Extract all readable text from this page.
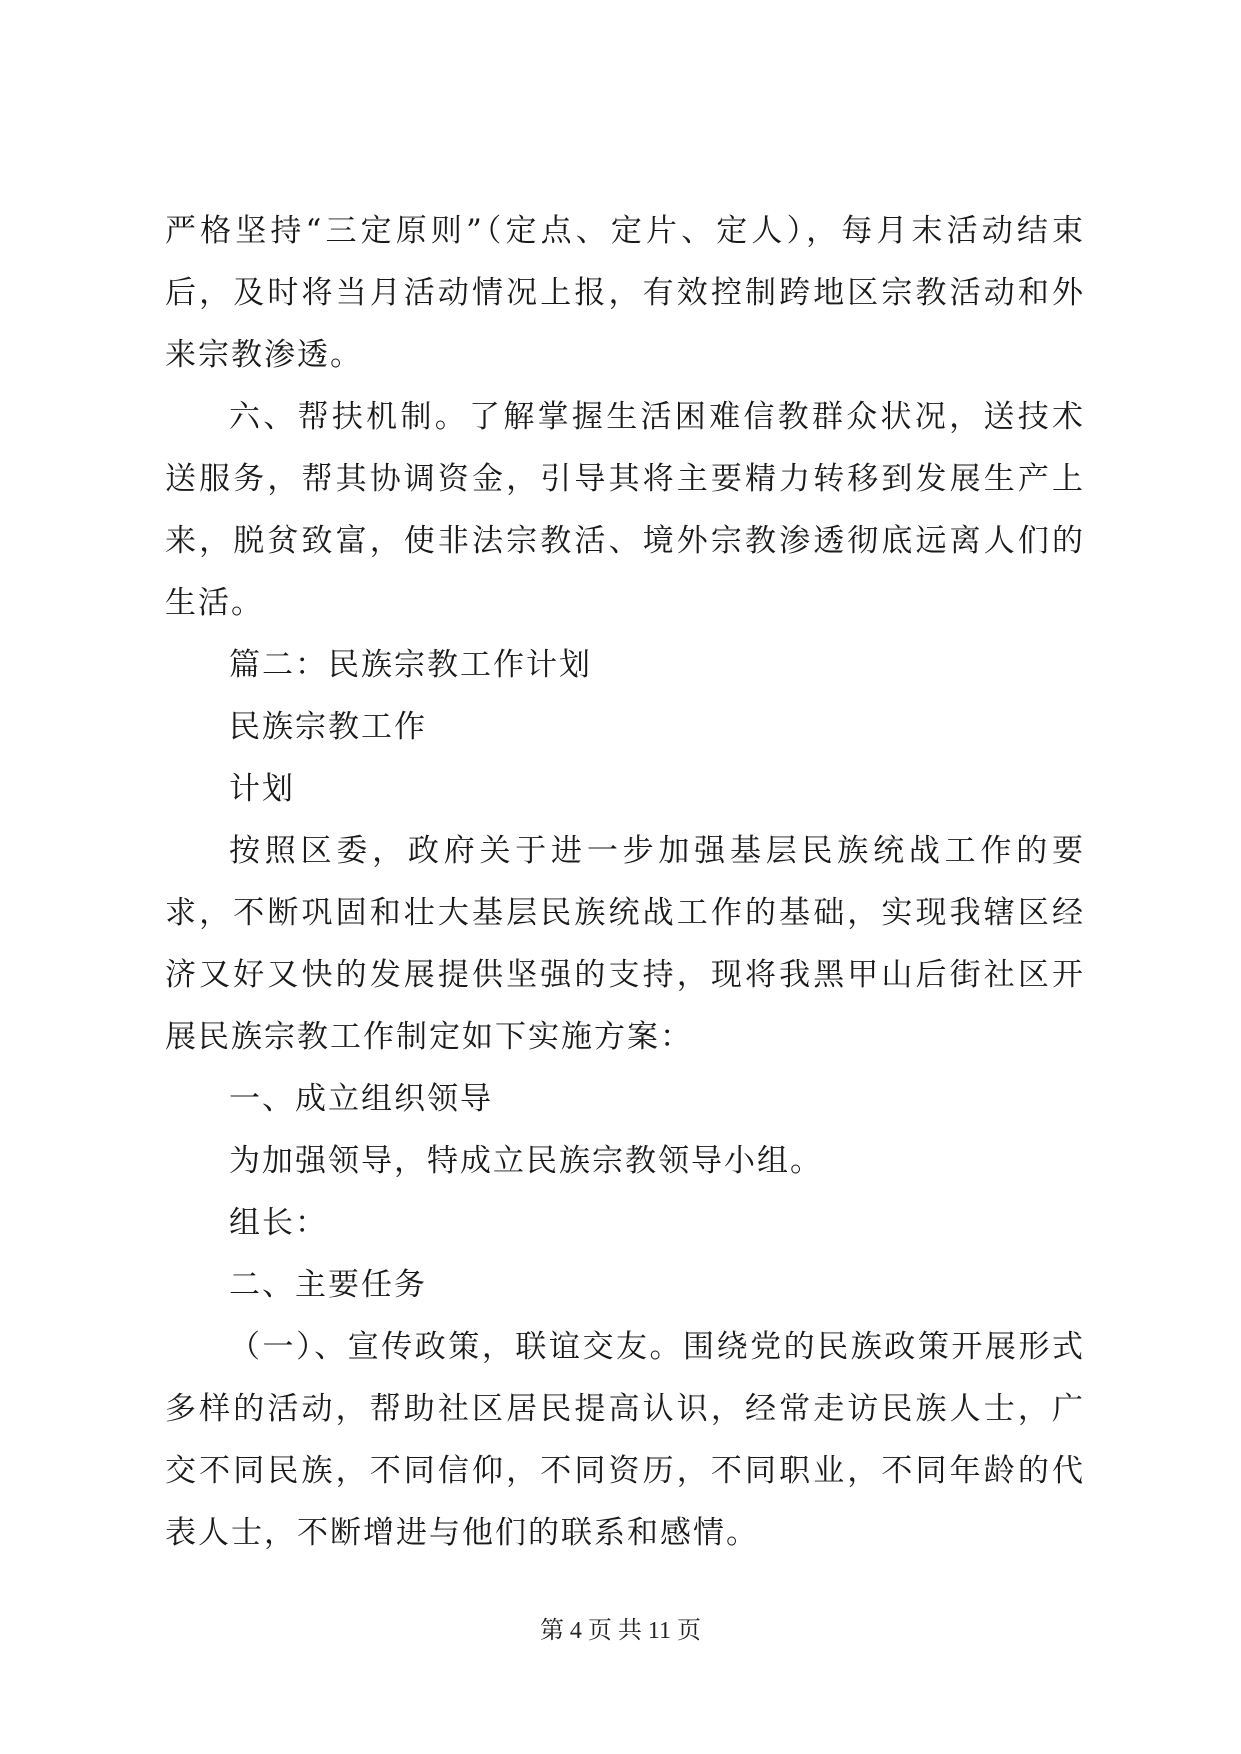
严格坚持“三定原则”（定点、定片、定人），每月末活动结束后，及时将当月活动情况上报，有效控制跨地区宗教活动和外来宗教渗透。

六、帮扶机制。了解掌握生活困难信教群众状况，送技术送服务，帮其协调资金，引导其将主要精力转移到发展生产上来，脱贫致富，使非法宗教活、境外宗教渗透彻底远离人们的生活。

篇二：民族宗教工作计划

民族宗教工作

计划

按照区委，政府关于进一步加强基层民族统战工作的要求，不断巩固和壮大基层民族统战工作的基础，实现我辖区经济又好又快的发展提供坚强的支持，现将我黑甲山后街社区开展民族宗教工作制定如下实施方案：

一、成立组织领导

为加强领导，特成立民族宗教领导小组。

组长：

二、主要任务

（一）、宣传政策，联谊交友。围绕党的民族政策开展形式多样的活动，帮助社区居民提高认识，经常走访民族人士，广交不同民族，不同信仰，不同资历，不同职业，不同年龄的代表人士，不断增进与他们的联系和感情。

第 4 页 共 11 页
